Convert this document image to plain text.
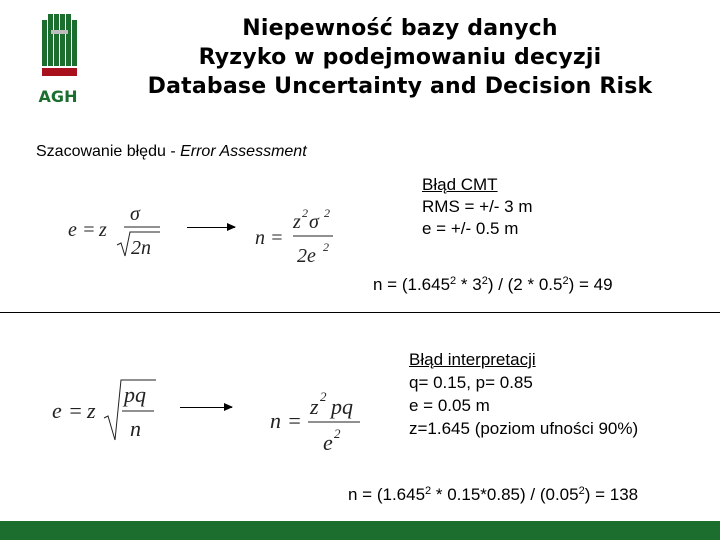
AGH
Niepewność bazy danych
Ryzyko w podejmowaniu decyzji
Database Uncertainty and Decision Risk
Szacowanie błędu - Error Assessment
e = z
σ
2n	n =
z 2 σ 2
2e 2
Błąd CMT
RMS = +/- 3 m
e = +/- 0.5 m
$n = (1.645^2 * 3^2) / (2 * 0.5^2) = 49$
e = z
pq
n	n =
z 2 pq
e 2
Błąd interpretacji
q= 0.15, p= 0.85
e = 0.05 m
z=1.645 (poziom ufności 90%)
$n = (1.645^2 * 0.15*0.85) / (0.05^2) = 138$
